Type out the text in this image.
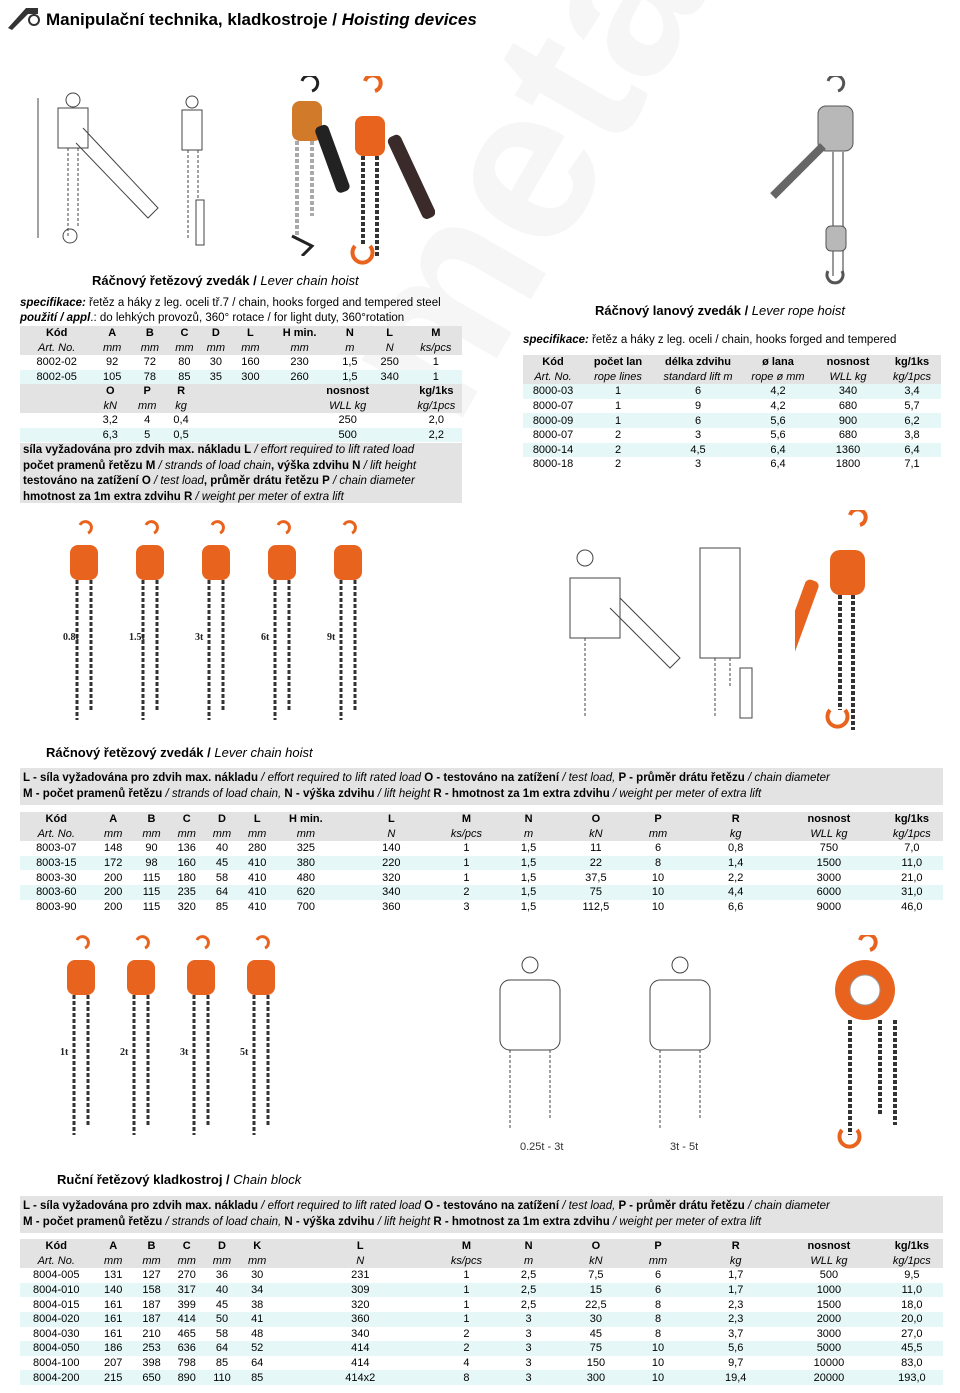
Manipulační technika, kladkostroje / Hoisting devices
Ráčnový řetězový zvedák / Lever chain hoist
specifikace: řetěz a háky z leg. oceli tř.7 / chain, hooks forged and tempered steel
použití / appl.: do lehkých provozů, 360° rotace / for light duty, 360°rotation
Kód	A	B	C	D	L	H min.	N	L	M
Art. No.	mm	mm	mm	mm	mm	mm	m	N	ks/pcs
8002-02	92	72	80	30	160	230	1,5	250	1
8002-05	105	78	85	35	300	260	1,5	340	1
	O	P	R				nosnost		kg/1ks
	kN	mm	kg				WLL kg		kg/1pcs
	3,2	4	0,4				250		2,0
	6,3	5	0,5				500		2,2
síla vyžadována pro zdvih max. nákladu L / effort required to lift rated load
počet pramenů řetězu M / strands of load chain, výška zdvihu N / lift height
testováno na zatížení O / test load, průměr drátu řetězu P / chain diameter
hmotnost za 1m extra zdvihu R / weight per meter of extra lift
Ráčnový lanový zvedák / Lever rope hoist
specifikace: řetěz a háky z leg. oceli / chain, hooks forged and tempered
Kód	počet lan	délka zdvihu	ø lana	nosnost	kg/1ks
Art. No.	rope lines	standard lift m	rope ø mm	WLL kg	kg/1pcs
8000-03	1	6	4,2	340	3,4
8000-07	1	9	4,2	680	5,7
8000-09	1	6	5,6	900	6,2
8000-07	2	3	5,6	680	3,8
8000-14	2	4,5	6,4	1360	6,4
8000-18	2	3	6,4	1800	7,1
0.8t	1.5t	3t	6t	9t
Ráčnový řetězový zvedák / Lever chain hoist
L - síla vyžadována pro zdvih max. nákladu / effort required to lift rated load O - testováno na zatížení / test load, P - průměr drátu řetězu / chain diameter
M - počet pramenů řetězu / strands of load chain, N - výška zdvihu / lift height R - hmotnost za 1m extra zdvihu / weight per meter of extra lift
Kód	A	B	C	D	L	H min.	L	M	N	O	P	R	nosnost	kg/1ks
Art. No.	mm	mm	mm	mm	mm	mm	N	ks/pcs	m	kN	mm	kg	WLL kg	kg/1pcs
8003-07	148	90	136	40	280	325	140	1	1,5	11	6	0,8	750	7,0
8003-15	172	98	160	45	410	380	220	1	1,5	22	8	1,4	1500	11,0
8003-30	200	115	180	58	410	480	320	1	1,5	37,5	10	2,2	3000	21,0
8003-60	200	115	235	64	410	620	340	2	1,5	75	10	4,4	6000	31,0
8003-90	200	115	320	85	410	700	360	3	1,5	112,5	10	6,6	9000	46,0
1t	2t	3t	5t
0.25t - 3t	3t - 5t
Ruční řetězový kladkostroj / Chain block
L - síla vyžadována pro zdvih max. nákladu / effort required to lift rated load O - testováno na zatížení / test load, P - průměr drátu řetězu / chain diameter
M - počet pramenů řetězu / strands of load chain, N - výška zdvihu / lift height R - hmotnost za 1m extra zdvihu / weight per meter of extra lift
Kód	A	B	C	D	K	L	M	N	O	P	R	nosnost	kg/1ks
Art. No.	mm	mm	mm	mm	mm	N	ks/pcs	m	kN	mm	kg	WLL kg	kg/1pcs
8004-005	131	127	270	36	30	231	1	2,5	7,5	6	1,7	500	9,5
8004-010	140	158	317	40	34	309	1	2,5	15	6	1,7	1000	11,0
8004-015	161	187	399	45	38	320	1	2,5	22,5	8	2,3	1500	18,0
8004-020	161	187	414	50	41	360	1	3	30	8	2,3	2000	20,0
8004-030	161	210	465	58	48	340	2	3	45	8	3,7	3000	27,0
8004-050	186	253	636	64	52	414	2	3	75	10	5,6	5000	45,5
8004-100	207	398	798	85	64	414	4	3	150	10	9,7	10000	83,0
8004-200	215	650	890	110	85	414x2	8	3	300	10	19,4	20000	193,0
